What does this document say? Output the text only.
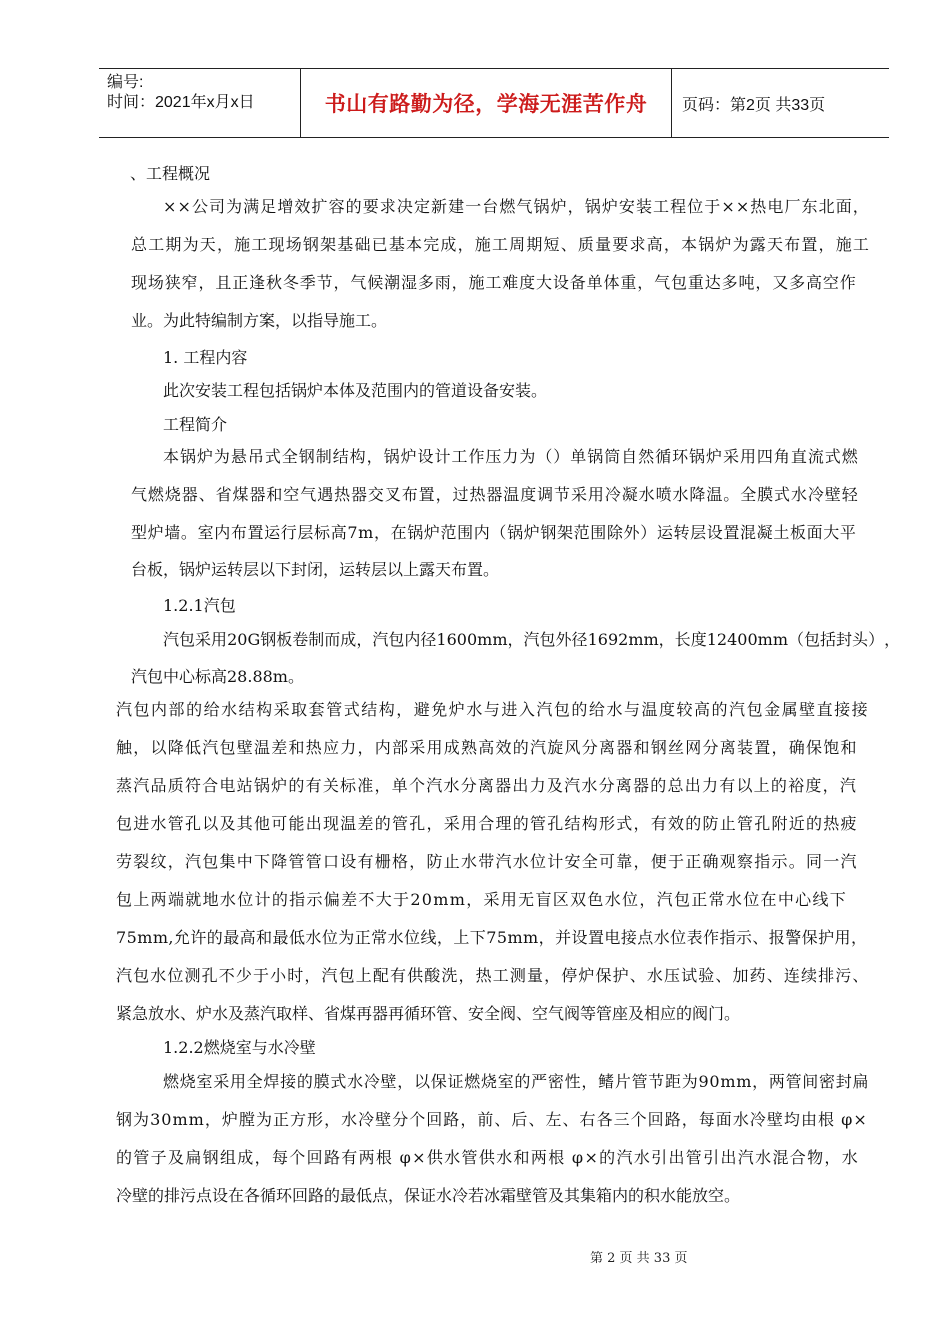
编号:
时间：2021年x月x日	书山有路勤为径，学海无涯苦作舟 页码：第2页 共33页
、工程概况
× × 公 司 为 满 足 增 效 扩 容 的 要 求 决 定 新 建 一 台 燃 气 锅 炉 ， 锅 炉 安 装 工 程 位 于 × × 热 电 厂 东 北 面 ，
总 工 期 为 天 ， 施 工 现 场 钢 架 基 础 已 基 本 完 成 ， 施 工 周 期 短 、 质 量 要 求 高 ， 本 锅 炉 为 露 天 布 置 ， 施 工
现 场 狭 窄 ， 且 正 逢 秋 冬 季 节 ， 气 候 潮 湿 多 雨 ， 施 工 难 度 大 设 备 单 体 重 ， 气 包 重 达 多 吨 ， 又 多 高 空 作
业。为此特编制方案，以指导施工。
1. 工程内容
此次安装工程包括锅炉本体及范围内的管道设备安装。
工程简介
本 锅 炉 为 悬 吊 式 全 钢 制 结 构 ， 锅 炉 设 计 工 作 压 力 为 （ ） 单 锅 筒 自 然 循 环 锅 炉 采 用 四 角 直 流 式 燃
气 燃 烧 器 、 省 煤 器 和 空 气 遇 热 器 交 叉 布 置 ， 过 热 器 温 度 调 节 采 用 冷 凝 水 喷 水 降 温 。 全 膜 式 水 冷 壁 轻
型 炉 墙 。 室 内 布 置 运 行 层 标 高 7 m ， 在 锅 炉 范 围 内 （ 锅 炉 钢 架 范 围 除 外 ） 运 转 层 设 置 混 凝 土 板 面 大 平
台板，锅炉运转层以下封闭，运转层以上露天布置。
1.2.1汽包
汽 包 采 用 2 0 G 钢 板 卷 制 而 成 ， 汽 包 内 径 1 6 0 0 m m ， 汽 包 外 径 1 6 9 2 m m ， 长 度 1 2 4 0 0 m m （ 包 括 封 头 ） ，
汽包中心标高28.88m。
汽 包 内 部 的 给 水 结 构 采 取 套 管 式 结 构 ， 避 免 炉 水 与 进 入 汽 包 的 给 水 与 温 度 较 高 的 汽 包 金 属 壁 直 接 接
触 ， 以 降 低 汽 包 壁 温 差 和 热 应 力 ， 内 部 采 用 成 熟 高 效 的 汽 旋 风 分 离 器 和 钢 丝 网 分 离 装 置 ， 确 保 饱 和
蒸 汽 品 质 符 合 电 站 锅 炉 的 有 关 标 准 ， 单 个 汽 水 分 离 器 出 力 及 汽 水 分 离 器 的 总 出 力 有 以 上 的 裕 度 ， 汽
包 进 水 管 孔 以 及 其 他 可 能 出 现 温 差 的 管 孔 ， 采 用 合 理 的 管 孔 结 构 形 式 ， 有 效 的 防 止 管 孔 附 近 的 热 疲
劳 裂 纹 ， 汽 包 集 中 下 降 管 管 口 设 有 栅 格 ， 防 止 水 带 汽 水 位 计 安 全 可 靠 ， 便 于 正 确 观 察 指 示 。 同 一 汽
包 上 两 端 就 地 水 位 计 的 指 示 偏 差 不 大 于 2 0 m m ， 采 用 无 盲 区 双 色 水 位 ， 汽 包 正 常 水 位 在 中 心 线 下
7 5 m m , 允 许 的 最 高 和 最 低 水 位 为 正 常 水 位 线 ， 上 下 7 5 m m ， 并 设 置 电 接 点 水 位 表 作 指 示 、 报 警 保 护 用 ，
汽 包 水 位 测 孔 不 少 于 小 时 ， 汽 包 上 配 有 供 酸 洗 ， 热 工 测 量 ， 停 炉 保 护 、 水 压 试 验 、 加 药 、 连 续 排 污 、
紧急放水、炉水及蒸汽取样、省煤再器再循环管、安全阀、空气阀等管座及相应的阀门。
1.2.2燃烧室与水冷壁
燃 烧 室 采 用 全 焊 接 的 膜 式 水 冷 壁 ， 以 保 证 燃 烧 室 的 严 密 性 ， 鳍 片 管 节 距 为 9 0 m m ， 两 管 间 密 封 扁
钢 为 3 0 m m ， 炉 膛 为 正 方 形 ， 水 冷 壁 分 个 回 路 ， 前 、 后 、 左 、 右 各 三 个 回 路 ， 每 面 水 冷 壁 均 由 根
φ ×
的 管 子 及 扁 钢 组 成 ， 每 个 回 路 有 两 根
φ × 供 水 管 供 水 和 两 根
φ × 的 汽 水 引 出 管 引 出 汽 水 混 合 物 ， 水
冷壁的排污点设在各循环回路的最低点，保证水冷若冰霜壁管及其集箱内的积水能放空。
第 2 页 共 33 页
